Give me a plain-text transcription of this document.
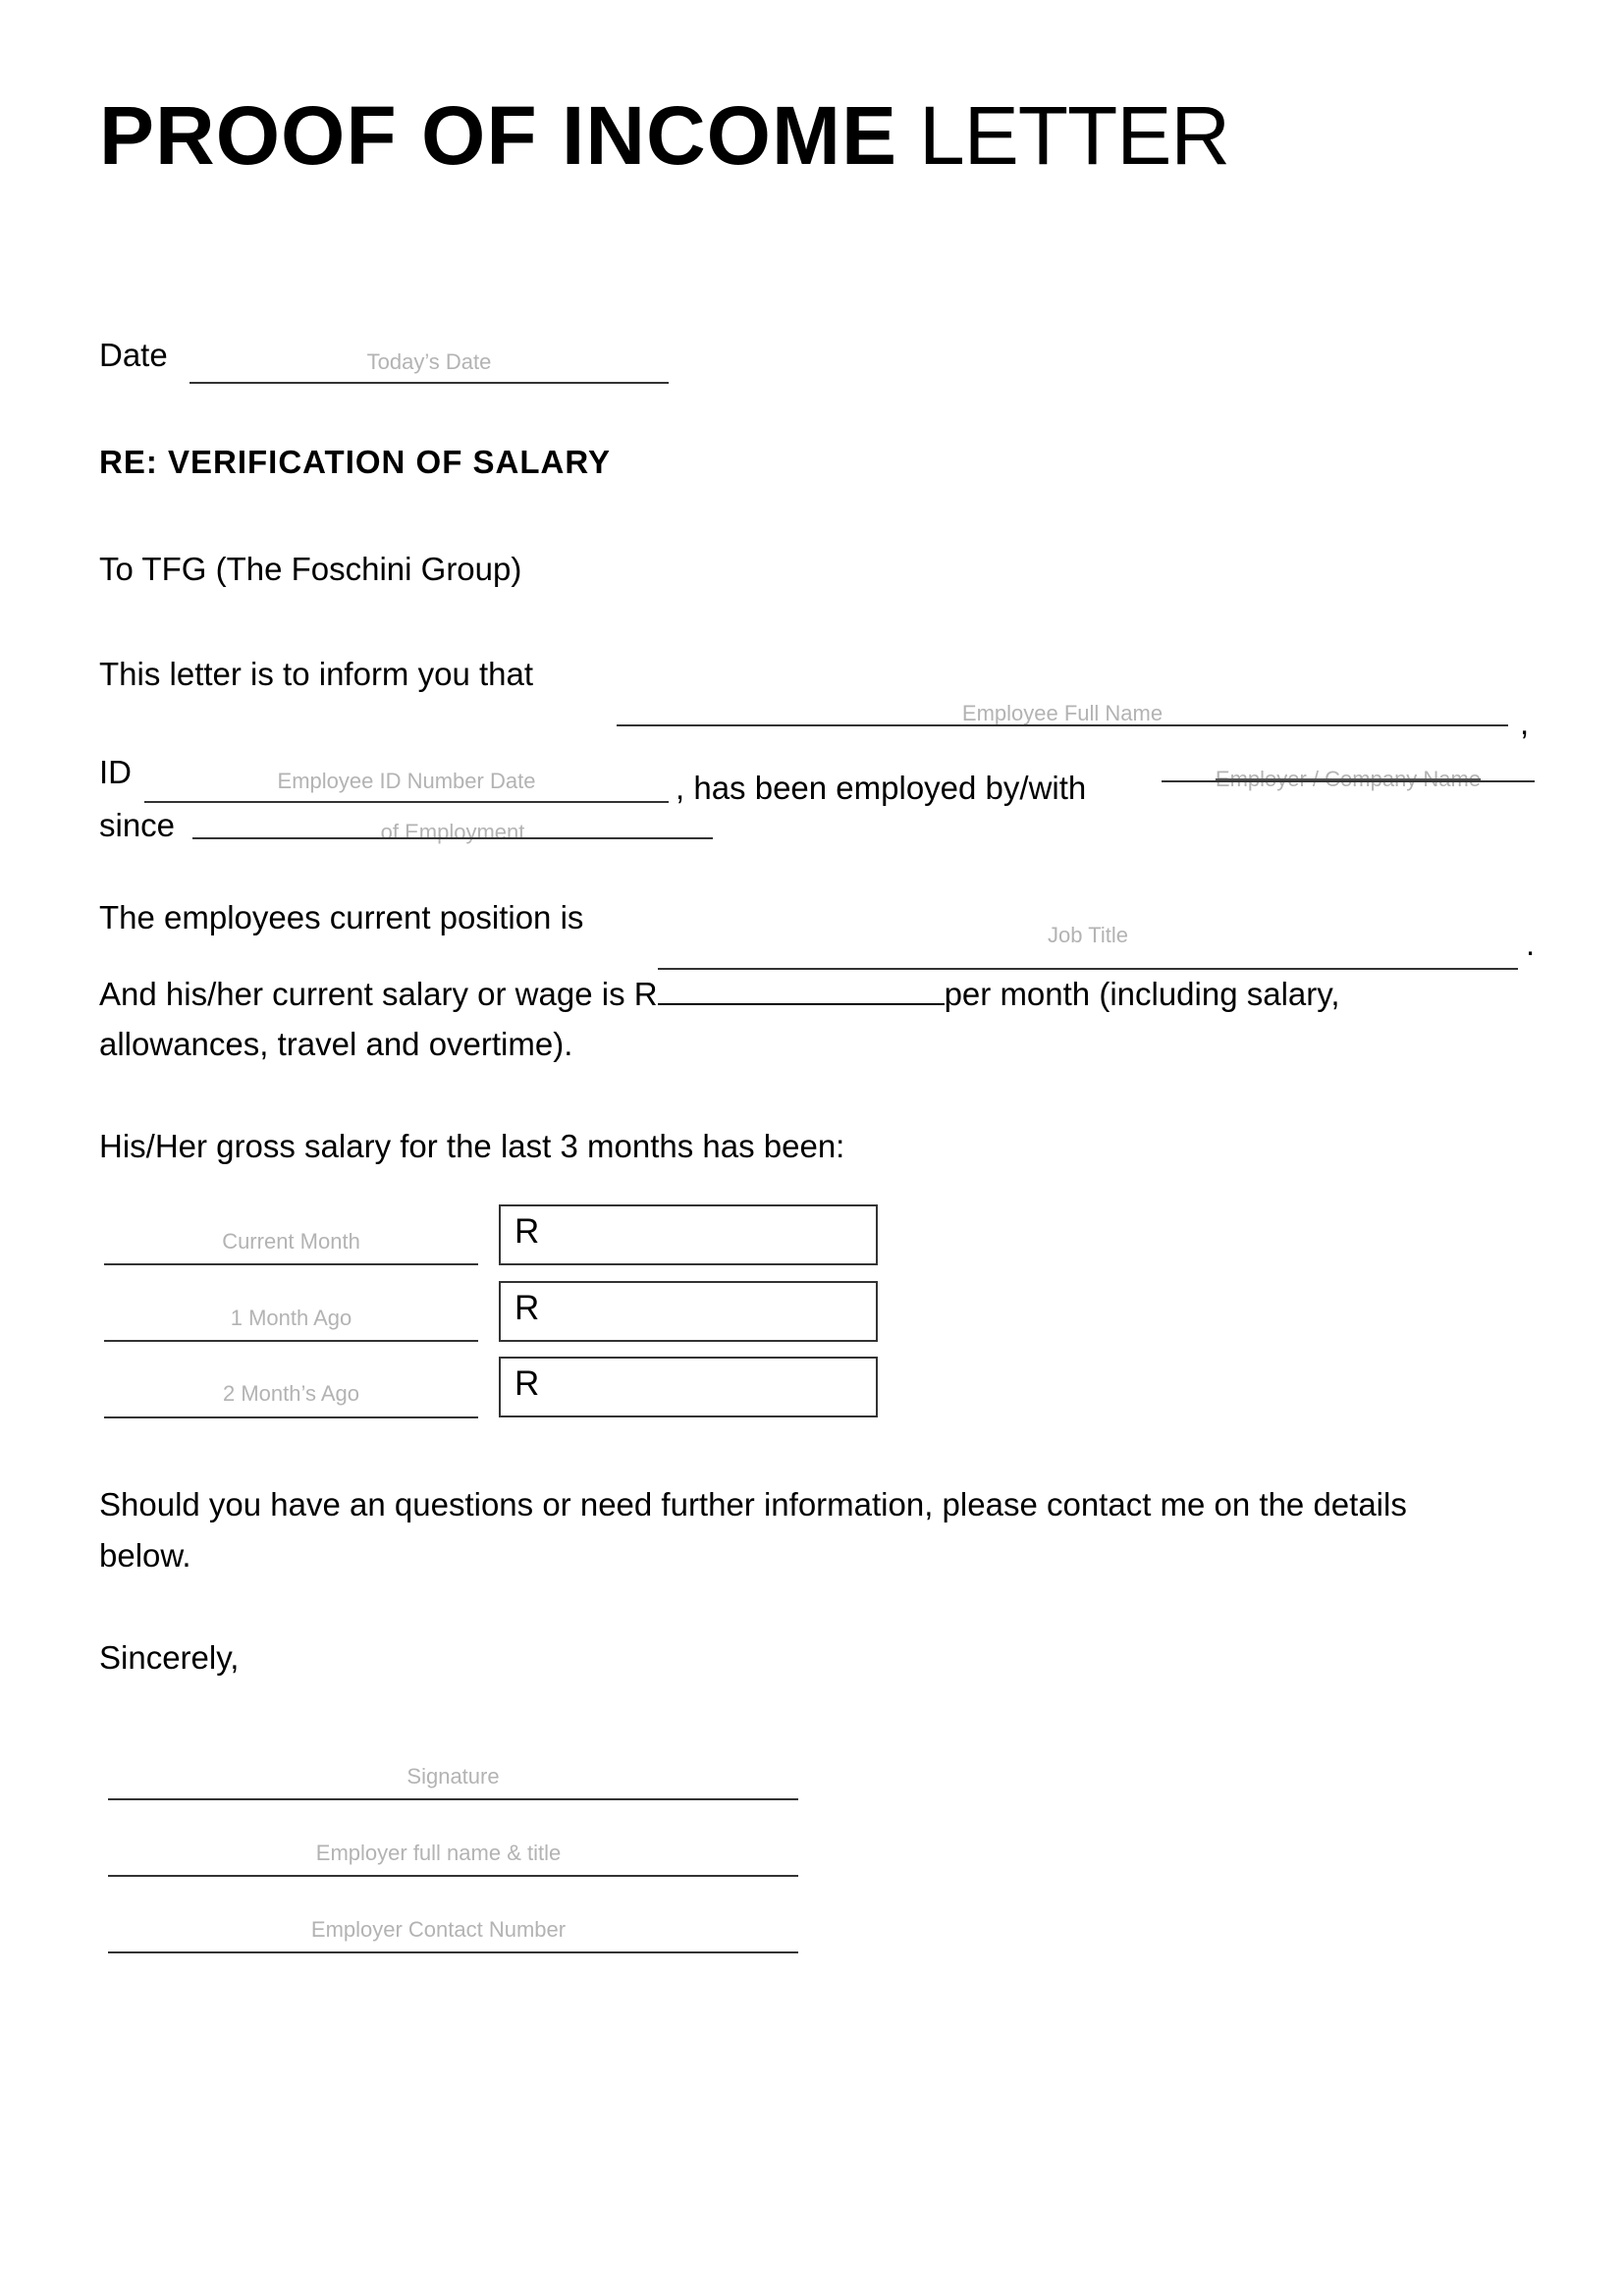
PROOF OF INCOME LETTER
Date	Today’s Date
RE: VERIFICATION OF SALARY
To TFG (The Foschini Group)
This letter is to inform you that
Employee Full Name	,
ID	Employee ID Number Date	, has been employed by/with	Employer / Company Name
since	of Employment
The employees current position is	Job Title	.
And his/her current salary or wage is R	per month (including salary,
allowances, travel and overtime).
His/Her gross salary for the last 3 months has been:
Current Month	R
1 Month Ago	R
2 Month’s Ago	R
Should you have an questions or need further information, please contact me on the details
below.
Sincerely,
Signature
Employer full name & title
Employer Contact Number
